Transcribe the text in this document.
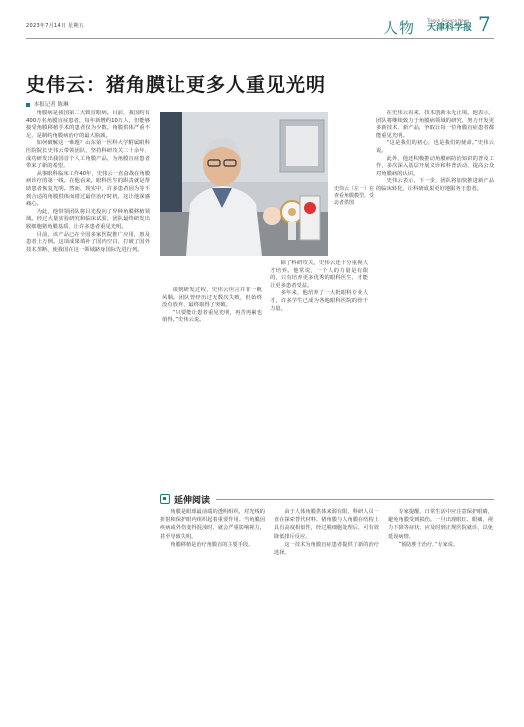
2023年7月14日 星期五	人物	Tianjin Science News
天津科学报 7
史伟云：猪角膜让更多人重见光明
本报记者 陈琳

角膜病是我国第二大致盲眼病。目前，我国约有400万名角膜盲症患者，每年新增约10万人，但能够接受角膜移植手术的患者仅为少数。角膜供体严重不足，是制约角膜病治疗的最大瓶颈。

如何破解这一难题？山东第一医科大学附属眼科医院院长史伟云带领团队，坚持科研攻关二十余年，成功研发出我国首个人工角膜产品，为角膜盲症患者带来了新的希望。

从事眼科临床工作40年，史伟云一直奋战在角膜病诊疗的第一线。在他看来，眼科医生的职责就是帮助患者恢复光明。然而，现实中，许多患者因为等不到合适的角膜供体而错过最佳治疗时机，这让他深感痛心。

为此，他带领团队将目光投向了异种角膜移植领域。经过大量实验研究和临床试验，团队最终研发出脱细胞猪角膜基质，让许多患者重见光明。

目前，该产品已在全国多家医院推广应用，惠及患者上万例。这项成果填补了国内空白，打破了国外技术垄断，使我国在这一领域跻身国际先进行列。

史伟云（左一）在查看角膜模型。受访者供图

谈到研发过程，史伟云坦言并非一帆风顺。团队曾经历过无数次失败，但始终没有放弃，最终取得了突破。

“只要能让患者重见光明，再苦再累也值得。”史伟云说。

除了科研攻关，史伟云还十分重视人才培养。他常说，一个人的力量是有限的，只有培养更多优秀的眼科医生，才能让更多患者受益。

多年来，他培养了一大批眼科专业人才，许多学生已成为各地眼科医院的骨干力量。

在史伟云看来，技术创新永无止境。他表示，团队将继续致力于角膜病领域的研究，努力开发更多新技术、新产品，争取让每一位角膜盲症患者都能重见光明。

“这是我们的初心，也是我们的使命。”史伟云说。

此外，他还积极推动角膜病防治知识的普及工作，多次深入基层开展义诊和科普活动，提高公众对角膜病的认识。

史伟云表示，下一步，团队将加快推进新产品的临床转化，让科研成果更好地服务于患者。

延伸阅读

角膜是眼球最前端的透明组织，对光线的折射和保护眼内组织起着重要作用。当角膜因疾病或外伤变得混浊时，就会严重影响视力，甚至导致失明。

角膜移植是治疗角膜盲的主要手段。

由于人体角膜供体来源有限，科研人员一直在探索替代材料。猪角膜与人角膜在结构上具有高度相似性，经过脱细胞处理后，可有效降低排斥反应。

这一技术为角膜盲症患者提供了新的治疗选择。

专家提醒，日常生活中应注意保护眼睛，避免角膜受到损伤。一旦出现眼红、眼痛、视力下降等症状，应及时到正规医院就诊，以免延误病情。

“预防胜于治疗。”专家说。
